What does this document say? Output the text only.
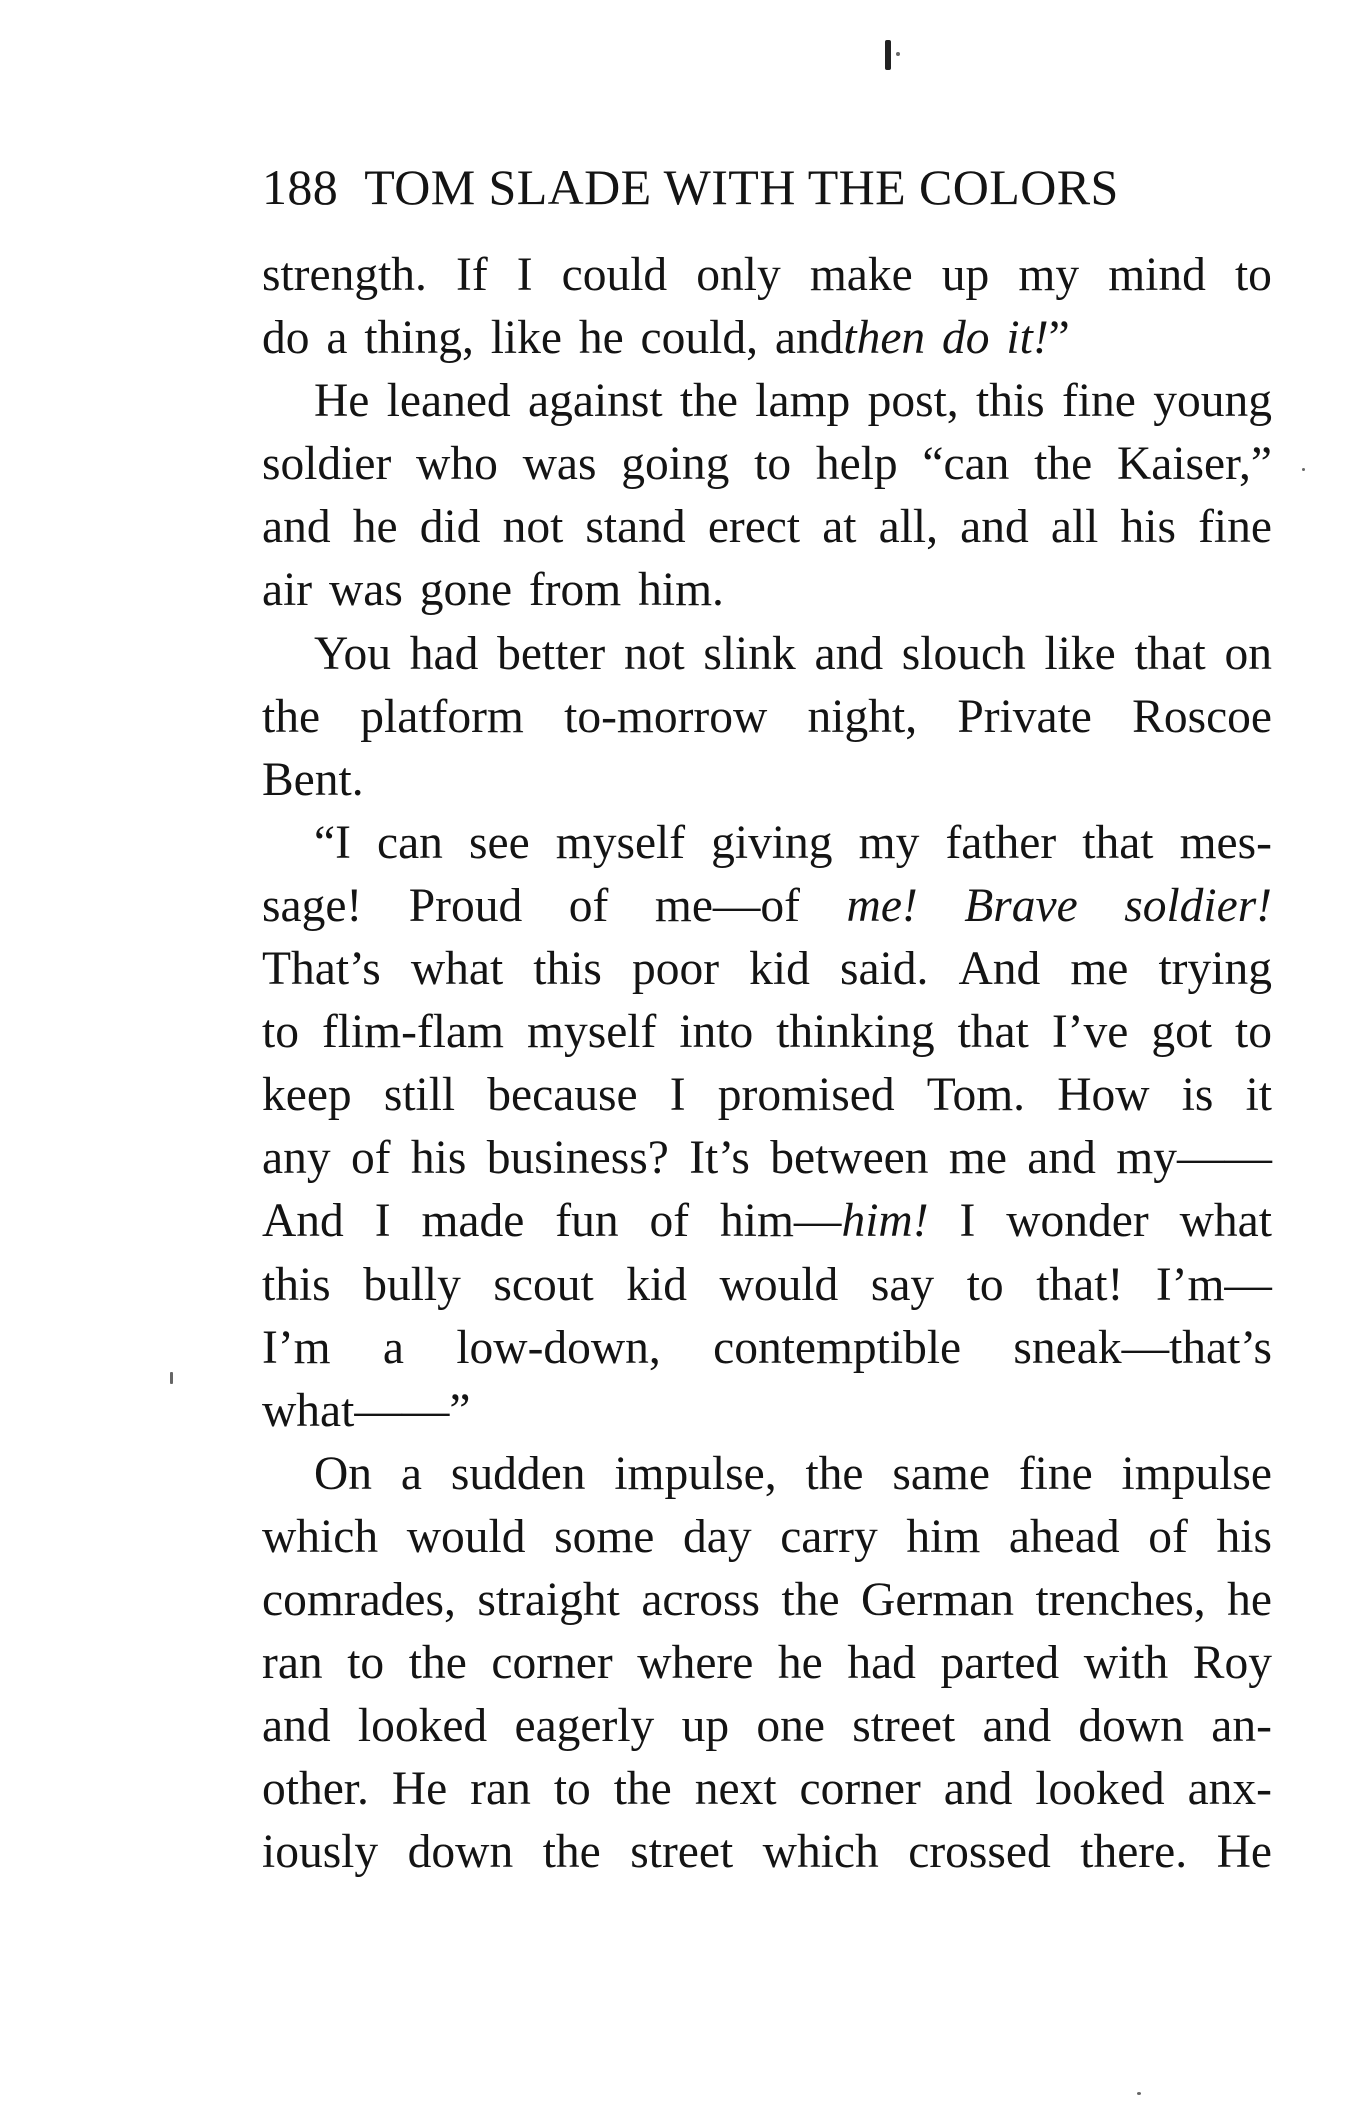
188 TOM SLADE WITH THE COLORS
strength. If I could only make up my mind to
do a thing, like he could, and then do it! ”
He leaned against the lamp post, this fine young
soldier who was going to help “can the Kaiser,”
and he did not stand erect at all, and all his fine
air was gone from him.
You had better not slink and slouch like that on
the platform to-morrow night, Private Roscoe
Bent.
“I can see myself giving my father that mes-
sage! Proud of me—of me! Brave soldier!
That’s what this poor kid said. And me trying
to flim-flam myself into thinking that I’ve got to
keep still because I promised Tom. How is it
any of his business? It’s between me and my——
And I made fun of him—him! I wonder what
this bully scout kid would say to that! I’m—
I’m a low-down, contemptible sneak—that’s
what——”
On a sudden impulse, the same fine impulse
which would some day carry him ahead of his
comrades, straight across the German trenches, he
ran to the corner where he had parted with Roy
and looked eagerly up one street and down an-
other. He ran to the next corner and looked anx-
iously down the street which crossed there. He
